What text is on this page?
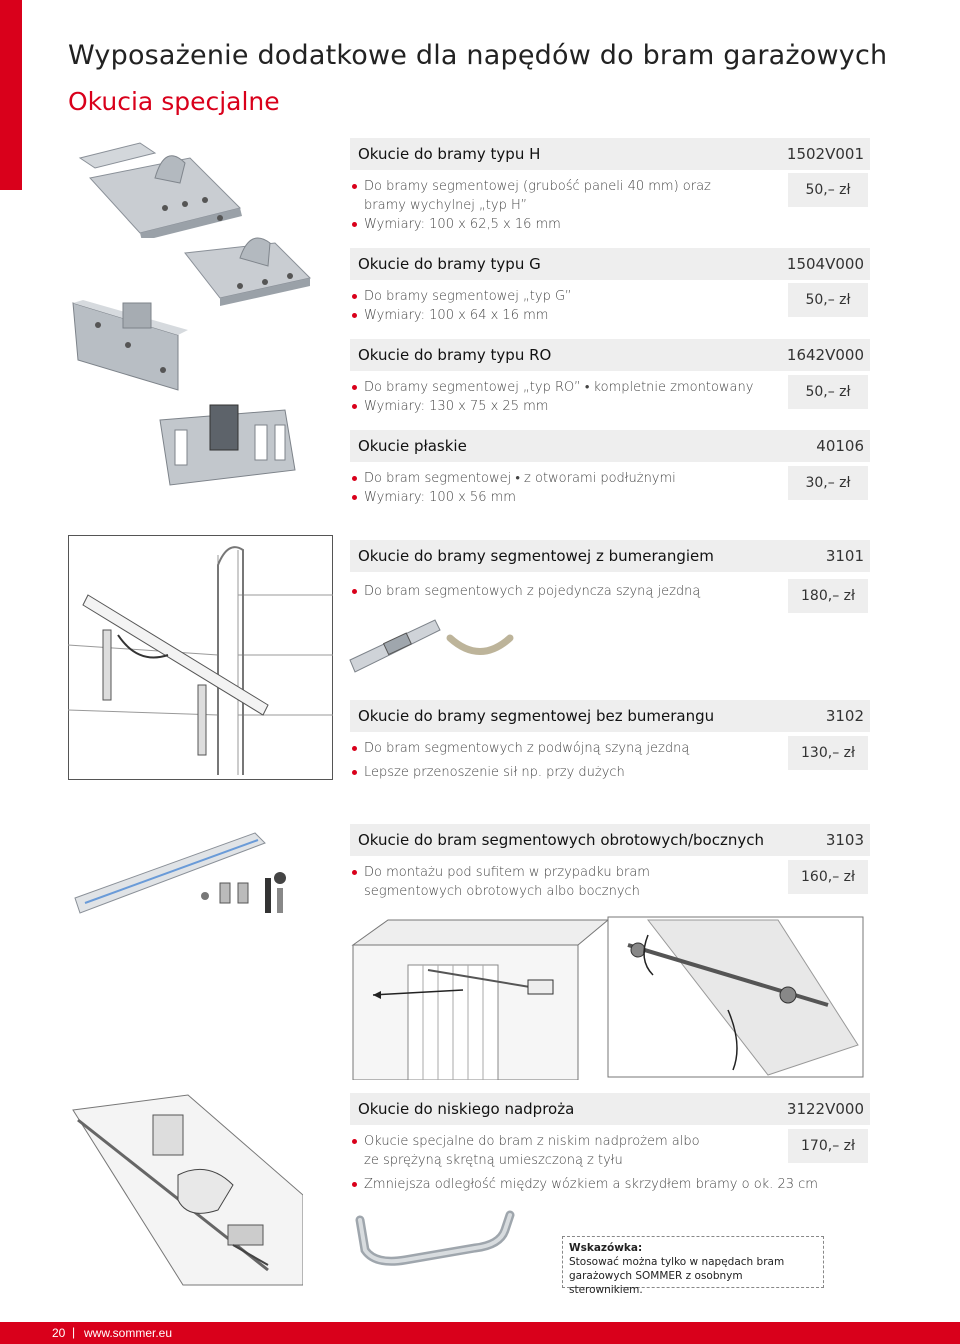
Wyposażenie dodatkowe dla napędów do bram garażowych
Okucia specjalne
Okucie do bramy typu H	1502V001
Do bramy segmentowej (grubość paneli 40 mm) oraz bramy wychylnej „typ H”
Wymiary: 100 x 62,5 x 16 mm
50,– zł
Okucie do bramy typu G	1504V000
Do bramy segmentowej „typ G”
Wymiary: 100 x 64 x 16 mm
50,– zł
Okucie do bramy typu RO	1642V000
Do bramy segmentowej „typ RO” • kompletnie zmontowany
Wymiary: 130 x 75 x 25 mm
50,– zł
Okucie płaskie	40106
Do bram segmentowej • z otworami podłużnymi
Wymiary: 100 x 56 mm
30,– zł
Okucie do bramy segmentowej z bumerangiem	3101
Do bram segmentowych z pojedyncza szyną jezdną	180,– zł
Okucie do bramy segmentowej bez bumerangu	3102
Do bram segmentowych z podwójną szyną jezdną
Lepsze przenoszenie sił np. przy dużych
130,– zł
Okucie do bram segmentowych obrotowych/bocznych	3103
Do montażu pod sufitem w przypadku bram segmentowych obrotowych albo bocznych
160,– zł
Okucie do niskiego nadproża	3122V000
Okucie specjalne do bram z niskim nadprożem albo ze sprężyną skrętną umieszczoną z tyłu
Zmniejsza odległość między wózkiem a skrzydłem bramy o ok. 23 cm
170,– zł
Wskazówka:
Stosować można tylko w napędach bram garażowych SOMMER z osobnym sterownikiem.
20 | www.sommer.eu
